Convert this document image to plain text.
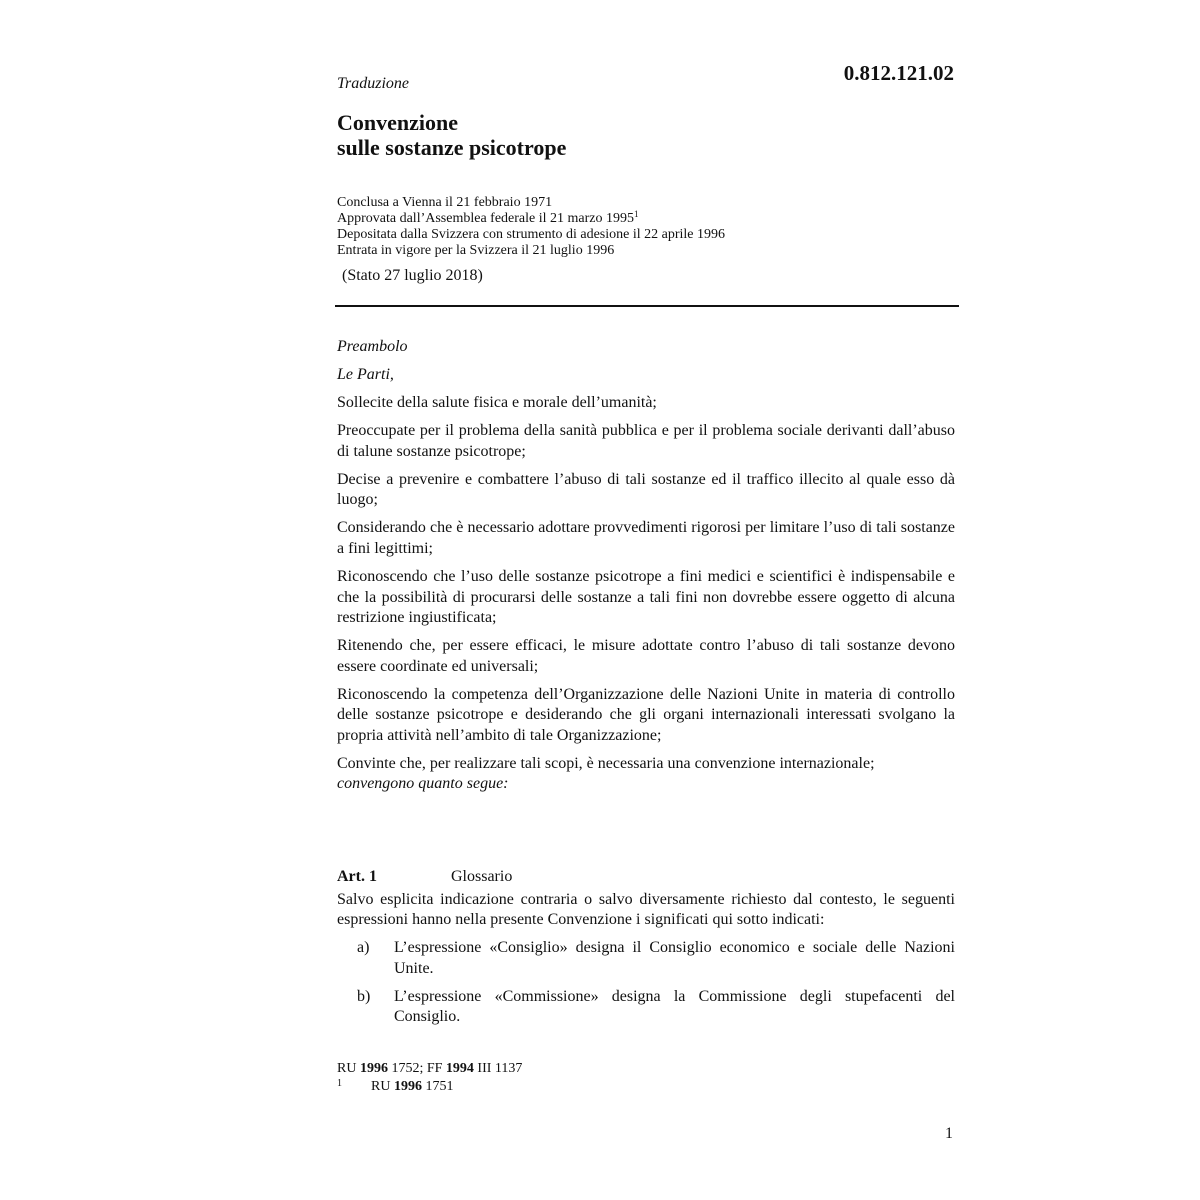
Traduzione	0.812.121.02
Convenzione
sulle sostanze psicotrope
Conclusa a Vienna il 21 febbraio 1971
Approvata dall’Assemblea federale il 21 marzo 1995$^1$
Depositata dalla Svizzera con strumento di adesione il 22 aprile 1996
Entrata in vigore per la Svizzera il 21 luglio 1996
(Stato 27 luglio 2018)

Preambolo

Le Parti,

Sollecite della salute fisica e morale dell’umanità;

Preoccupate per il problema della sanità pubblica e per il problema sociale derivanti dall’abuso di talune sostanze psicotrope;

Decise a prevenire e combattere l’abuso di tali sostanze ed il traffico illecito al quale esso dà luogo;

Considerando che è necessario adottare provvedimenti rigorosi per limitare l’uso di tali sostanze a fini legittimi;

Riconoscendo che l’uso delle sostanze psicotrope a fini medici e scientifici è indispensabile e che la possibilità di procurarsi delle sostanze a tali fini non dovrebbe essere oggetto di alcuna restrizione ingiustificata;

Ritenendo che, per essere efficaci, le misure adottate contro l’abuso di tali sostanze devono essere coordinate ed universali;

Riconoscendo la competenza dell’Organizzazione delle Nazioni Unite in materia di controllo delle sostanze psicotrope e desiderando che gli organi internazionali interessati svolgano la propria attività nell’ambito di tale Organizzazione;

Convinte che, per realizzare tali scopi, è necessaria una convenzione internazionale;

convengono quanto segue:

Art. 1	Glossario

Salvo esplicita indicazione contraria o salvo diversamente richiesto dal contesto, le seguenti espressioni hanno nella presente Convenzione i significati qui sotto indicati:

a) L’espressione «Consiglio» designa il Consiglio economico e sociale delle Nazioni Unite.
b) L’espressione «Commissione» designa la Commissione degli stupefacenti del Consiglio.
RU 1996 1752; FF 1994 III 1137
1 RU 1996 1751
1
